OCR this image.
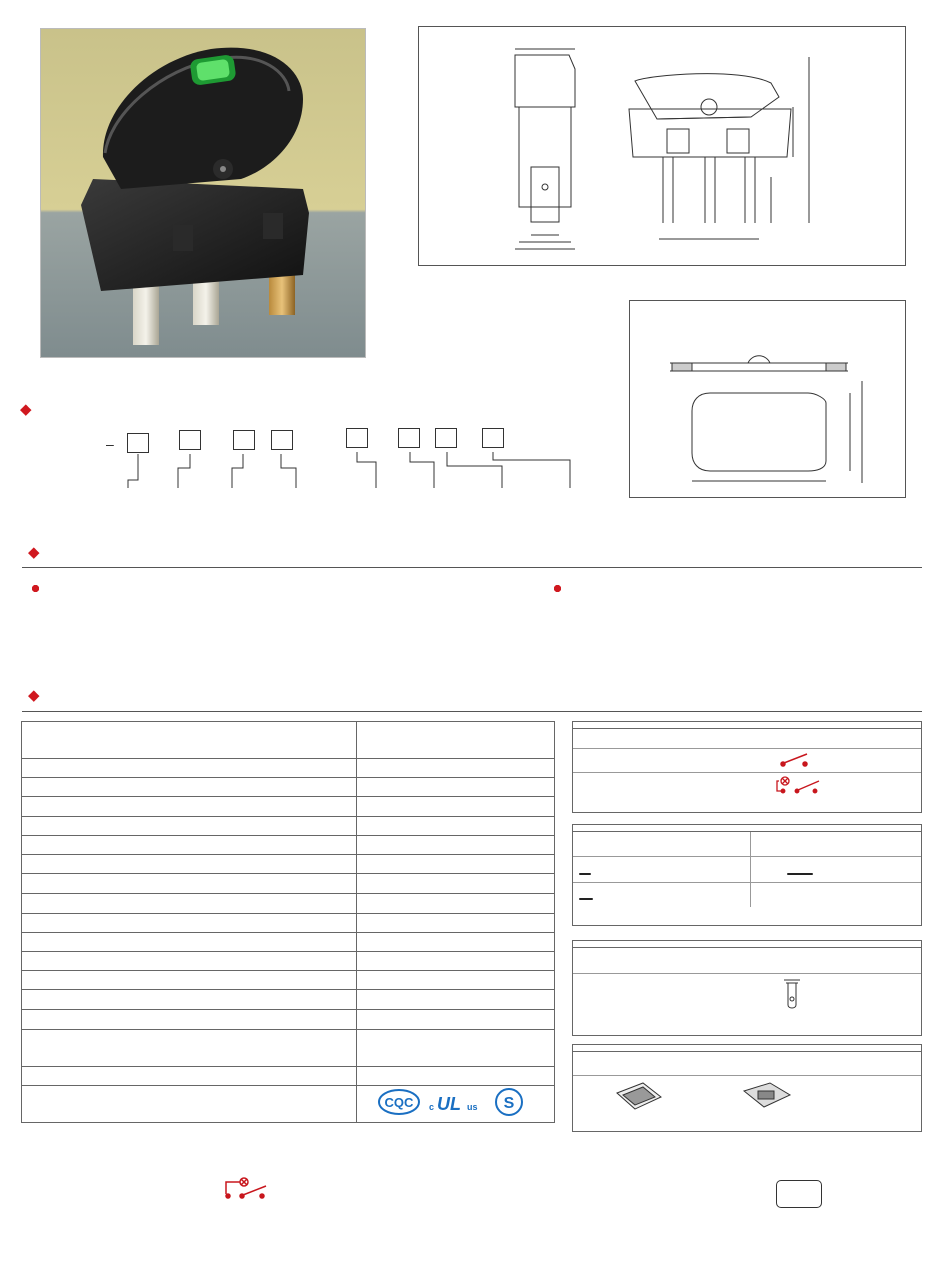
◆
–
◆
◆

CQC c UL us S
